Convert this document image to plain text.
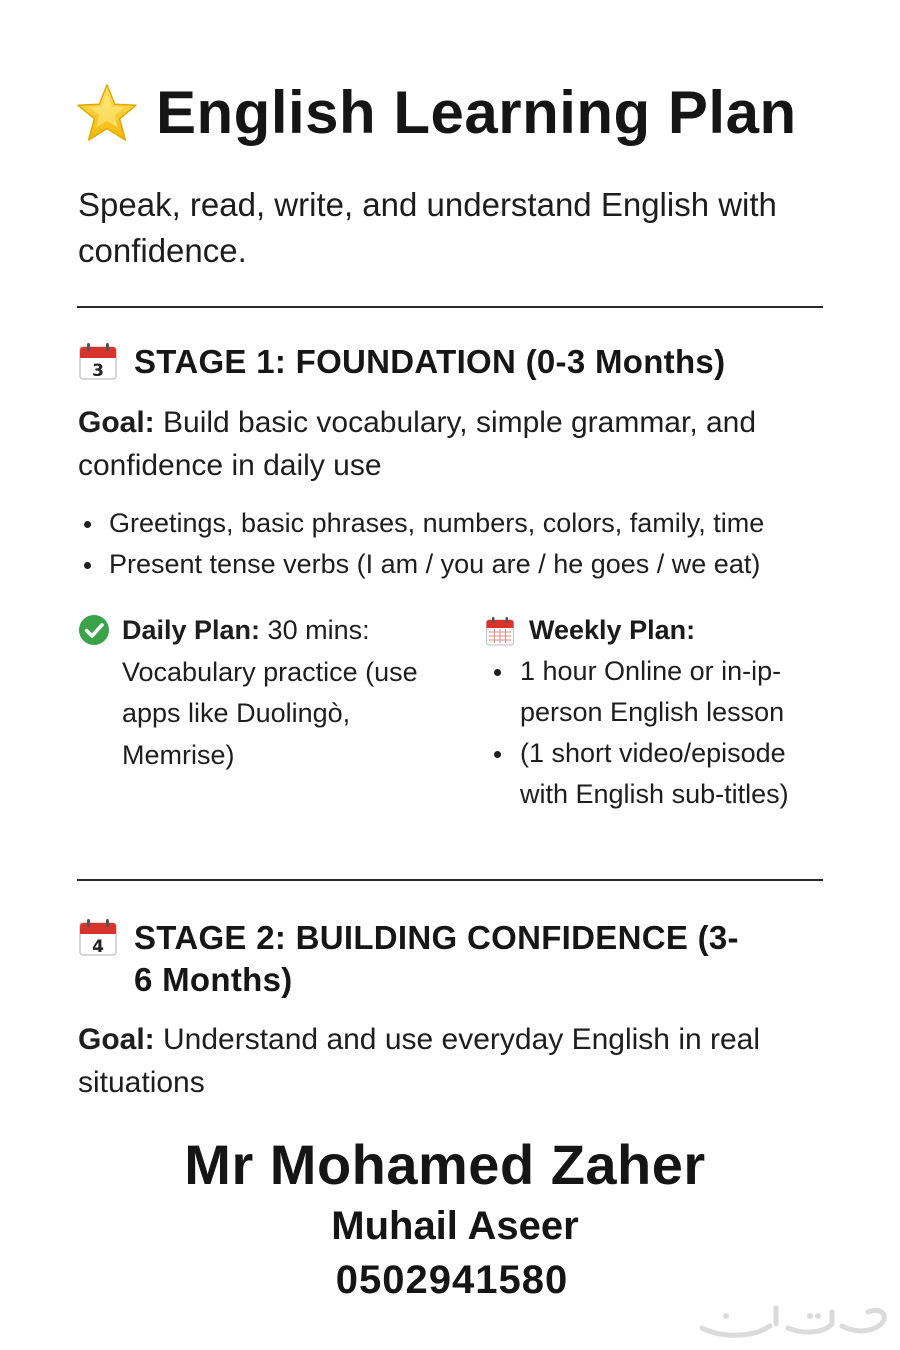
English Learning Plan

Speak, read, write, and understand English with confidence.

3 STAGE 1: FOUNDATION (0-3 Months)

Goal: Build basic vocabulary, simple grammar, and confidence in daily use

Greetings, basic phrases, numbers, colors, family, time
Present tense verbs (I am / you are / he goes / we eat)
Daily Plan: 30 mins: Vocabulary practice (use apps like Duolingò, Memrise)
Weekly Plan:
1 hour Online or in-ip-person English lesson
(1 short video/episode with English sub-titles)
4 STAGE 2: BUILDING CONFIDENCE (3-6 Months)

Goal: Understand and use everyday English in real situations

Mr Mohamed Zaher

Muhail Aseer

0502941580
